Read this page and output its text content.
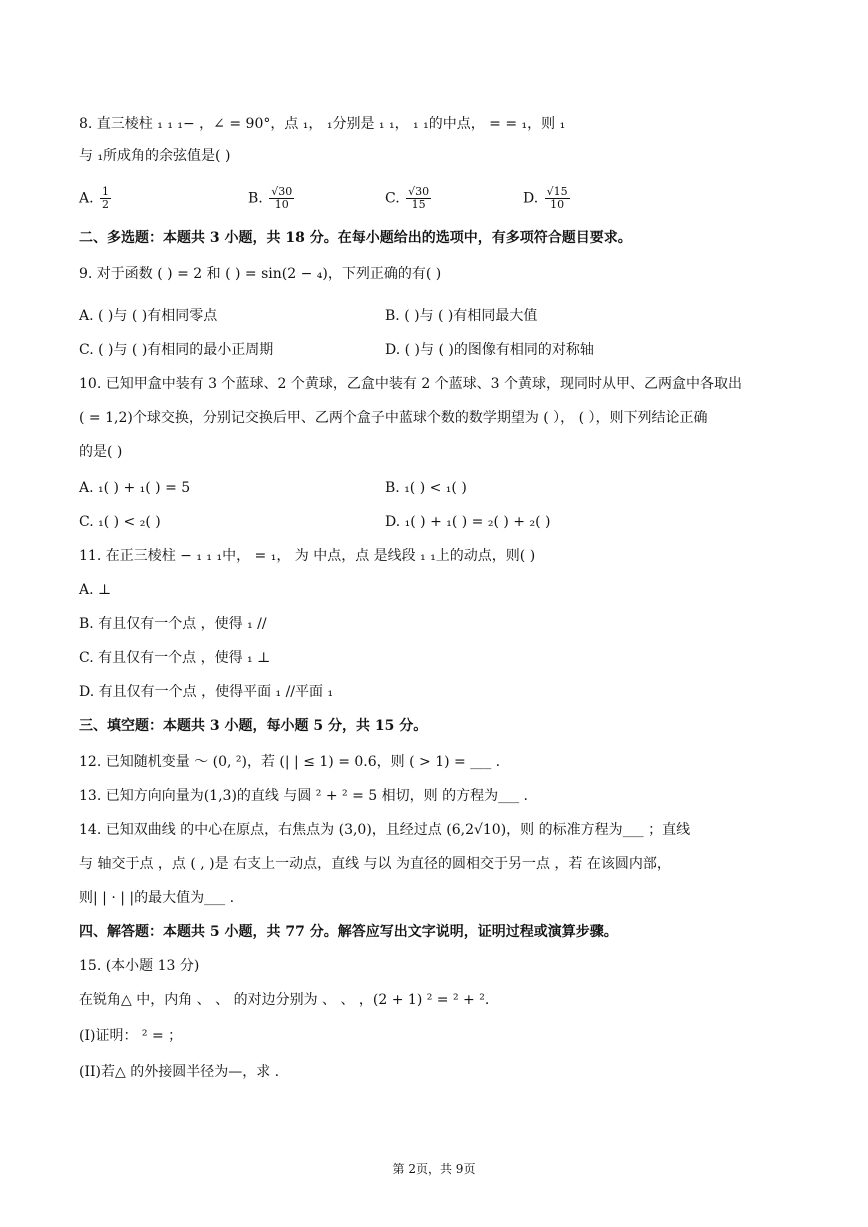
8. 直三棱柱 ₁ ₁ ₁− ，∠ = 90°，点 ₁， ₁分别是 ₁ ₁， ₁ ₁的中点， = = ₁，则 ₁
与 ₁所成角的余弦值是( )
A. $\frac{1}{2}$	B. $\frac{√30}{10}$	C. $\frac{√30}{15}$	D. $\frac{√15}{10}$
二、多选题：本题共 3 小题，共 18 分。在每小题给出的选项中，有多项符合题目要求。
9. 对于函数 ( ) = 2 和 ( ) = sin(2 − ₄)，下列正确的有( )
A. ( )与 ( )有相同零点	B. ( )与 ( )有相同最大值
C. ( )与 ( )有相同的最小正周期	D. ( )与 ( )的图像有相同的对称轴
10. 已知甲盒中装有 3 个蓝球、2 个黄球，乙盒中装有 2 个蓝球、3 个黄球，现同时从甲、乙两盒中各取出
( = 1,2)个球交换，分别记交换后甲、乙两个盒子中蓝球个数的数学期望为 ( ）， ( ），则下列结论正确
的是( )
A. ₁( ) + ₁( ) = 5	B. ₁( ) < ₁( )
C. ₁( ) < ₂( )	D. ₁( ) + ₁( ) = ₂( ) + ₂( )
11. 在正三棱柱 − ₁ ₁ ₁中， = ₁， 为 中点，点 是线段 ₁ ₁上的动点，则( )
A. ⊥
B. 有且仅有一个点 ，使得 ₁ //
C. 有且仅有一个点 ，使得 ₁ ⊥
D. 有且仅有一个点 ，使得平面 ₁ //平面 ₁
三、填空题：本题共 3 小题，每小题 5 分，共 15 分。
12. 已知随机变量 ～ (0, ²)，若 (| | ≤ 1) = 0.6，则 ( > 1) = ___ .
13. 已知方向向量为(1,3)的直线 与圆 ² + ² = 5 相切，则 的方程为___ .
14. 已知双曲线 的中心在原点，右焦点为 (3,0)，且经过点 (6,2√10)，则 的标准方程为___ ；直线
与 轴交于点 ，点 ( , )是 右支上一动点，直线 与以 为直径的圆相交于另一点 ，若 在该圆内部，
则| | · | |的最大值为___ .
四、解答题：本题共 5 小题，共 77 分。解答应写出文字说明，证明过程或演算步骤。
15. (本小题 13 分)
在锐角△ 中，内角 、 、 的对边分别为 、 、 ，(2 + 1) ² = ² + ².
(I)证明： ² = ；
(II)若△ 的外接圆半径为—，求 .
第 2页，共 9页
